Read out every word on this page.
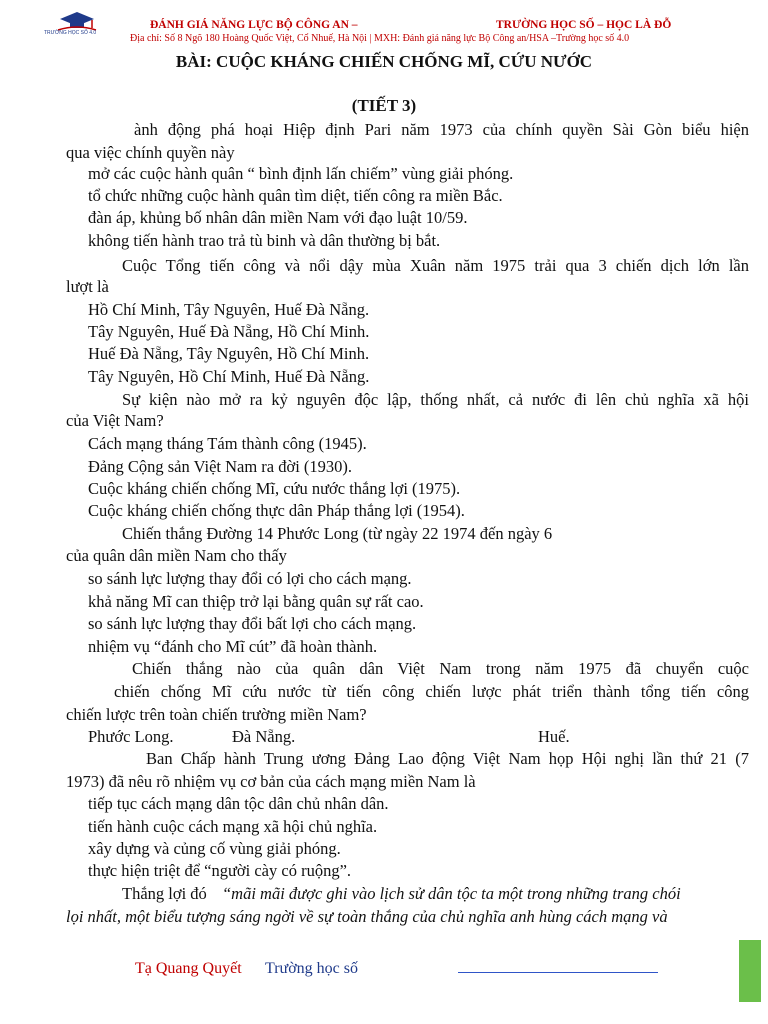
TRƯỜNG HỌC SỐ 4.0
ĐÁNH GIÁ NĂNG LỰC BỘ CÔNG AN –	TRƯỜNG HỌC SỐ – HỌC LÀ ĐỖ
Địa chỉ: Số 8 Ngõ 180 Hoàng Quốc Việt, Cổ Nhuế, Hà Nội | MXH: Đánh giá năng lực Bộ Công an/HSA –Trường học số 4.0
BÀI: CUỘC KHÁNG CHIẾN CHỐNG MĨ, CỨU NƯỚC
(TIẾT 3)
ành động phá hoại Hiệp định Pari năm 1973 của chính quyền Sài Gòn biểu hiện
qua việc chính quyền này
mở các cuộc hành quân “ bình định lấn chiếm” vùng giải phóng.
tổ chức những cuộc hành quân tìm diệt, tiến công ra miền Bắc.
đàn áp, khủng bố nhân dân miền Nam với đạo luật 10/59.
không tiến hành trao trả tù binh và dân thường bị bắt.
Cuộc Tổng tiến công và nổi dậy mùa Xuân năm 1975 trải qua 3 chiến dịch lớn lần
lượt là
Hồ Chí Minh, Tây Nguyên, Huế Đà Nẵng.
Tây Nguyên, Huế Đà Nẵng, Hồ Chí Minh.
Huế Đà Nẵng, Tây Nguyên, Hồ Chí Minh.
Tây Nguyên, Hồ Chí Minh, Huế Đà Nẵng.
Sự kiện nào mở ra kỷ nguyên độc lập, thống nhất, cả nước đi lên chủ nghĩa xã hội
của Việt Nam?
Cách mạng tháng Tám thành công (1945).
Đảng Cộng sản Việt Nam ra đời (1930).
Cuộc kháng chiến chống Mĩ, cứu nước thắng lợi (1975).
Cuộc kháng chiến chống thực dân Pháp thắng lợi (1954).
Chiến thắng Đường 14 Phước Long (từ ngày 22 1974 đến ngày 6
của quân dân miền Nam cho thấy
so sánh lực lượng thay đổi có lợi cho cách mạng.
khả năng Mĩ can thiệp trở lại bằng quân sự rất cao.
so sánh lực lượng thay đổi bất lợi cho cách mạng.
nhiệm vụ “đánh cho Mĩ cút” đã hoàn thành.
Chiến thắng nào của quân dân Việt Nam trong năm 1975 đã chuyển cuộc
chiến chống Mĩ cứu nước từ tiến công chiến lược phát triển thành tổng tiến công
chiến lược trên toàn chiến trường miền Nam?
Phước Long.	Đà Nẵng.	Huế.
Ban Chấp hành Trung ương Đảng Lao động Việt Nam họp Hội nghị lần thứ 21 (7
1973) đã nêu rõ nhiệm vụ cơ bản của cách mạng miền Nam là
tiếp tục cách mạng dân tộc dân chủ nhân dân.
tiến hành cuộc cách mạng xã hội chủ nghĩa.
xây dựng và củng cố vùng giải phóng.
thực hiện triệt để “người cày có ruộng”.
Thắng lợi đó “mãi mãi được ghi vào lịch sử dân tộc ta một trong những trang chói
lọi nhất, một biểu tượng sáng ngời về sự toàn thắng của chủ nghĩa anh hùng cách mạng và
Tạ Quang Quyết Trường học số
